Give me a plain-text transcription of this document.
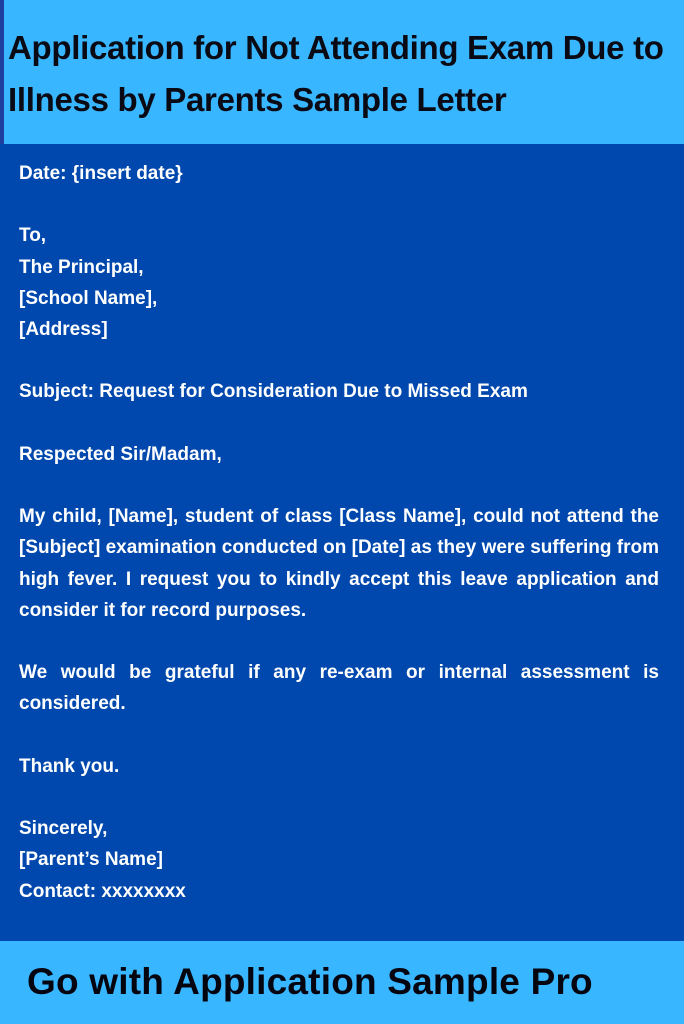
Application for Not Attending Exam Due to Illness by Parents Sample Letter

Date: {insert date}

To,

The Principal,

[School Name],

[Address]

Subject: Request for Consideration Due to Missed Exam

Respected Sir/Madam,

My child, [Name], student of class [Class Name], could not attend the [Subject] examination conducted on [Date] as they were suffering from high fever. I request you to kindly accept this leave application and consider it for record purposes.

We would be grateful if any re-exam or internal assessment is considered.

Thank you.

Sincerely,

[Parent’s Name]

Contact: xxxxxxxx

Go with Application Sample Pro
